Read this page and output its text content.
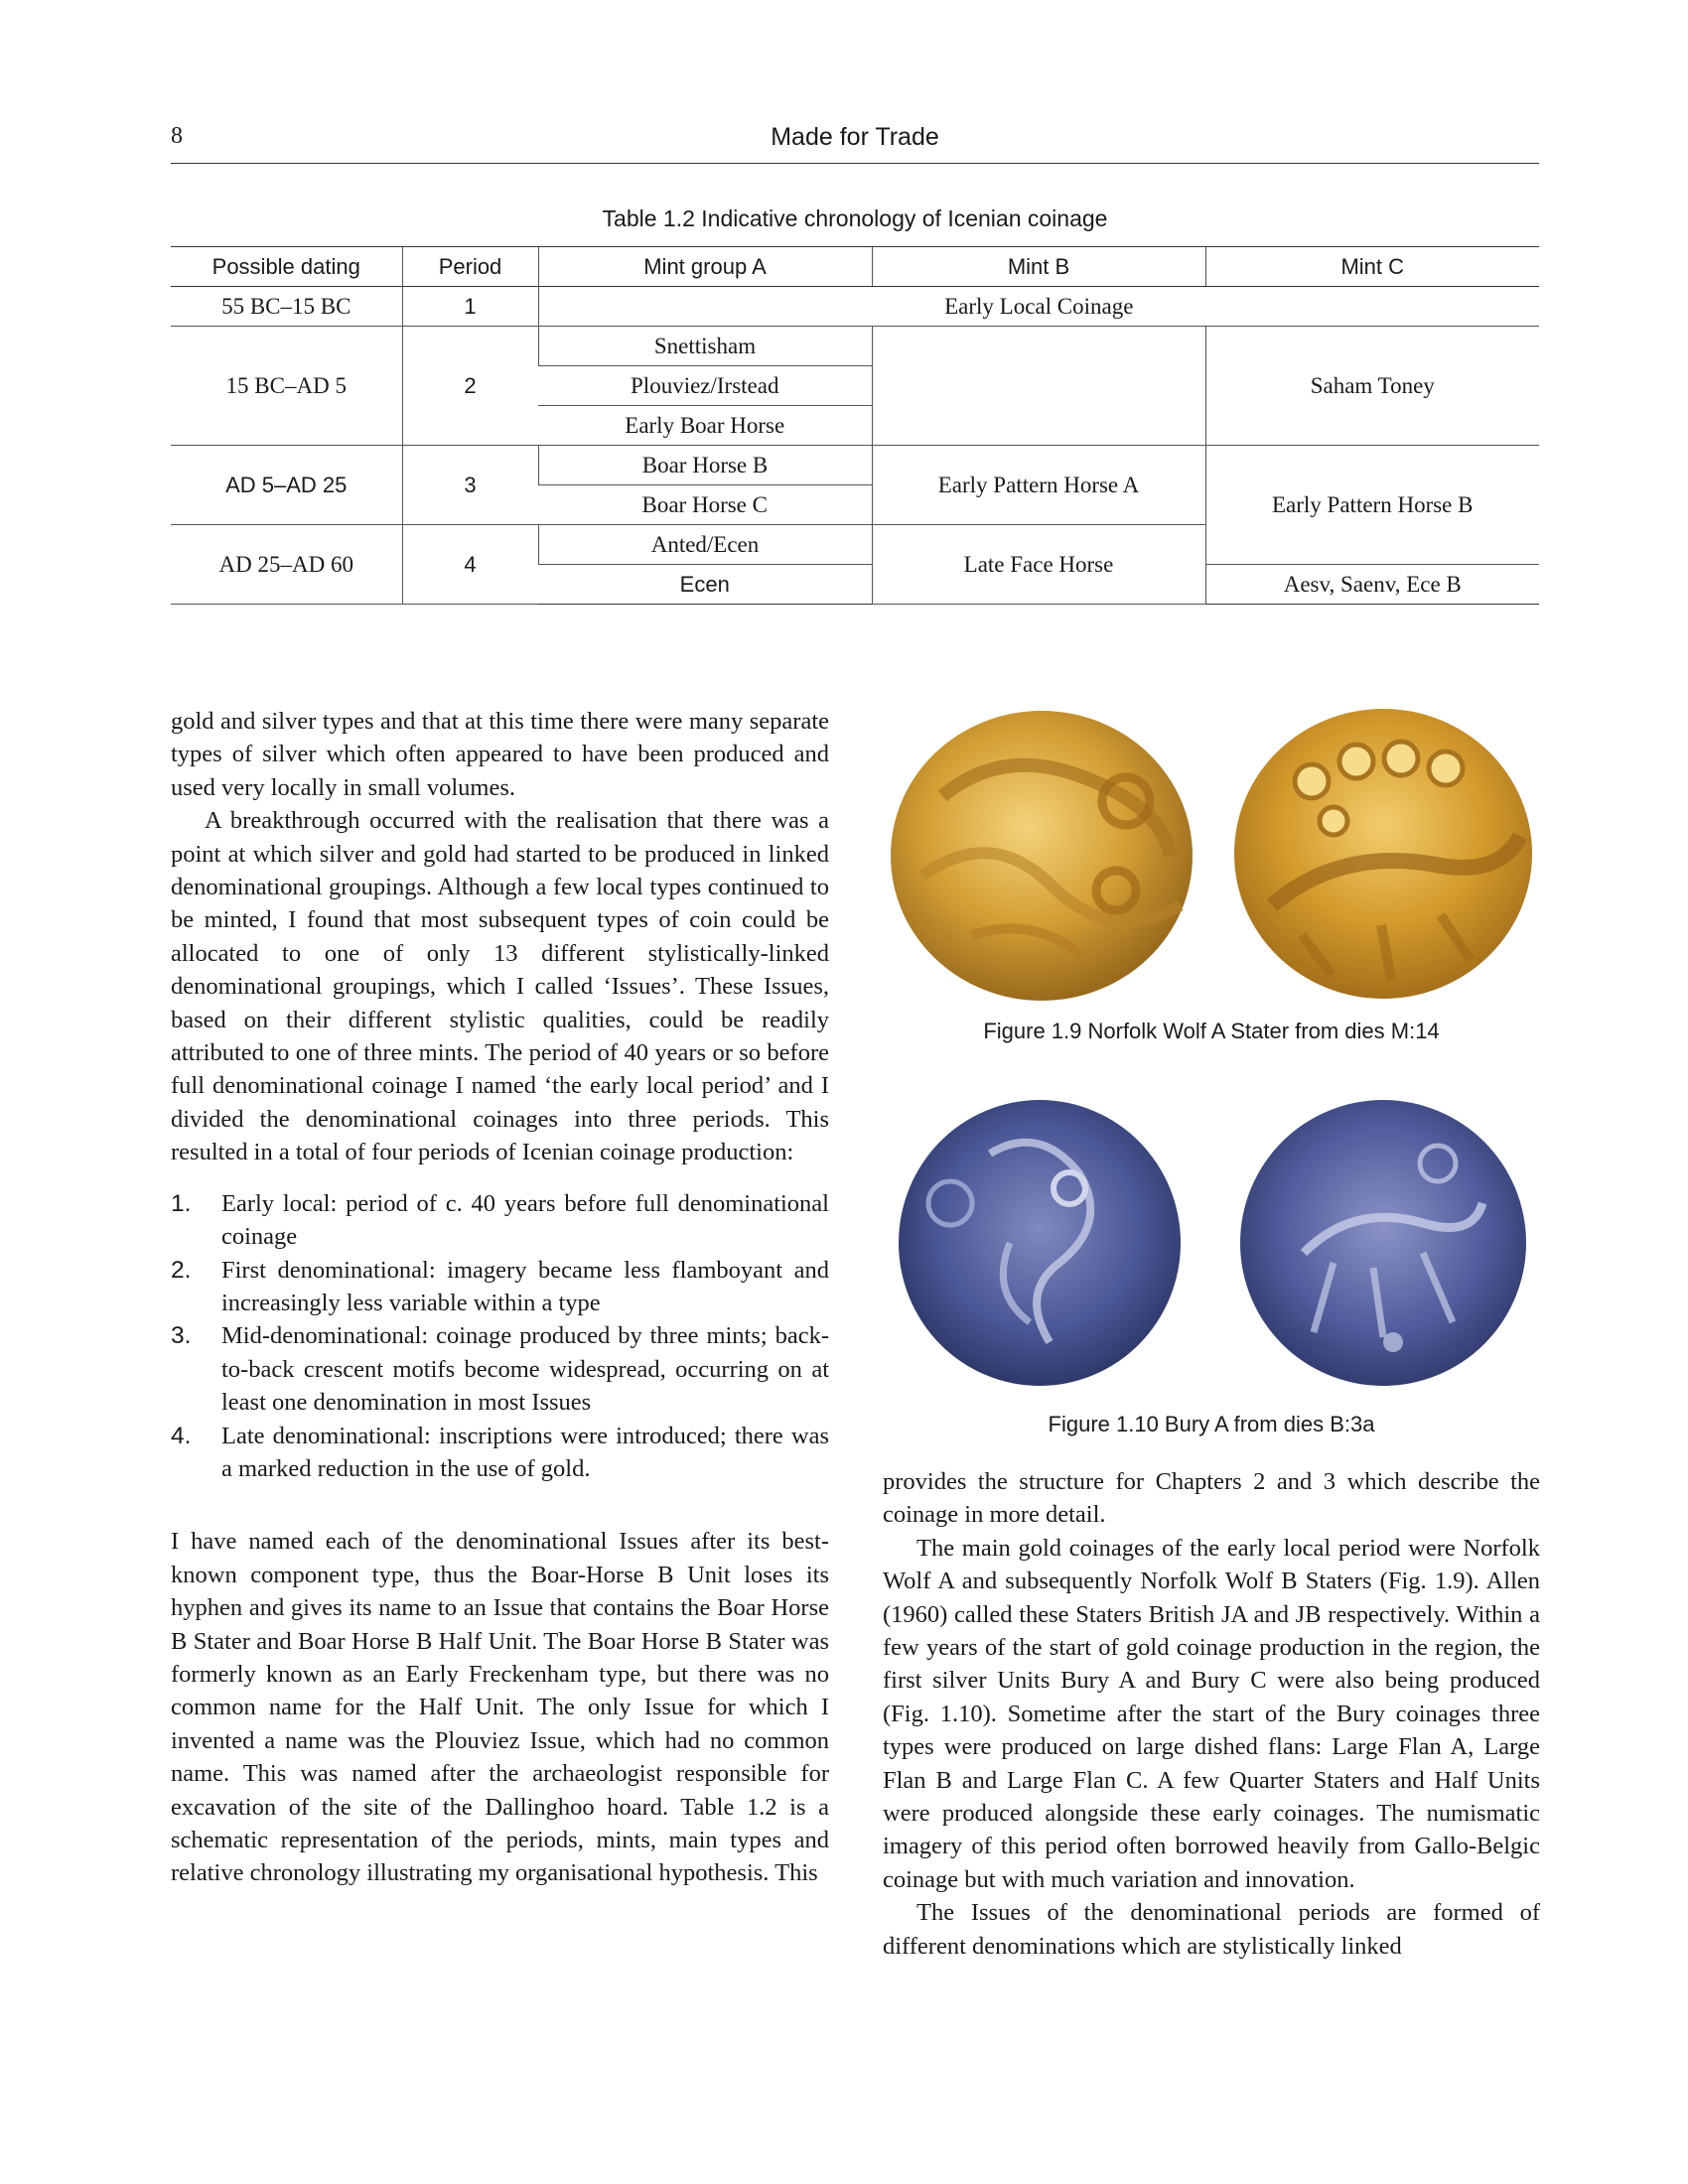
8	Made for Trade
Table 1.2 Indicative chronology of Icenian coinage
Possible dating	Period	Mint group A	Mint B	Mint C
55 BC–15 BC	1	Early Local Coinage		
15 BC–AD 5	2	Snettisham		Saham Toney
		Plouviez/Irstead		
		Early Boar Horse		
AD 5–AD 25	3	Boar Horse B	Early Pattern Horse A	Early Pattern Horse B
		Boar Horse C		
AD 25–AD 60	4	Anted/Ecen	Late Face Horse	
		Ecen		Aesv, Saenv, Ece B

gold and silver types and that at this time there were many separate types of silver which often appeared to have been produced and used very locally in small volumes.

A breakthrough occurred with the realisation that there was a point at which silver and gold had started to be produced in linked denominational groupings. Although a few local types continued to be minted, I found that most subsequent types of coin could be allocated to one of only 13 different stylistically-linked denominational groupings, which I called ‘Issues’. These Issues, based on their different stylistic qualities, could be readily attributed to one of three mints. The period of 40 years or so before full denominational coinage I named ‘the early local period’ and I divided the denominational coinages into three periods. This resulted in a total of four periods of Icenian coinage production:

1. Early local: period of c. 40 years before full denominational coinage
2. First denominational: imagery became less flamboyant and increasingly less variable within a type
3. Mid-denominational: coinage produced by three mints; back-to-back crescent motifs become widespread, occurring on at least one denomination in most Issues
4. Late denominational: inscriptions were introduced; there was a marked reduction in the use of gold.

I have named each of the denominational Issues after its best-known component type, thus the Boar-Horse B Unit loses its hyphen and gives its name to an Issue that contains the Boar Horse B Stater and Boar Horse B Half Unit. The Boar Horse B Stater was formerly known as an Early Freckenham type, but there was no common name for the Half Unit. The only Issue for which I invented a name was the Plouviez Issue, which had no common name. This was named after the archaeologist responsible for excavation of the site of the Dallinghoo hoard. Table 1.2 is a schematic representation of the periods, mints, main types and relative chronology illustrating my organisational hypothesis. This

Figure 1.9 Norfolk Wolf A Stater from dies M:14
Figure 1.10 Bury A from dies B:3a

provides the structure for Chapters 2 and 3 which describe the coinage in more detail.

The main gold coinages of the early local period were Norfolk Wolf A and subsequently Norfolk Wolf B Staters (Fig. 1.9). Allen (1960) called these Staters British JA and JB respectively. Within a few years of the start of gold coinage production in the region, the first silver Units Bury A and Bury C were also being produced (Fig. 1.10). Sometime after the start of the Bury coinages three types were produced on large dished flans: Large Flan A, Large Flan B and Large Flan C. A few Quarter Staters and Half Units were produced alongside these early coinages. The numismatic imagery of this period often borrowed heavily from Gallo-Belgic coinage but with much variation and innovation.

The Issues of the denominational periods are formed of different denominations which are stylistically linked
